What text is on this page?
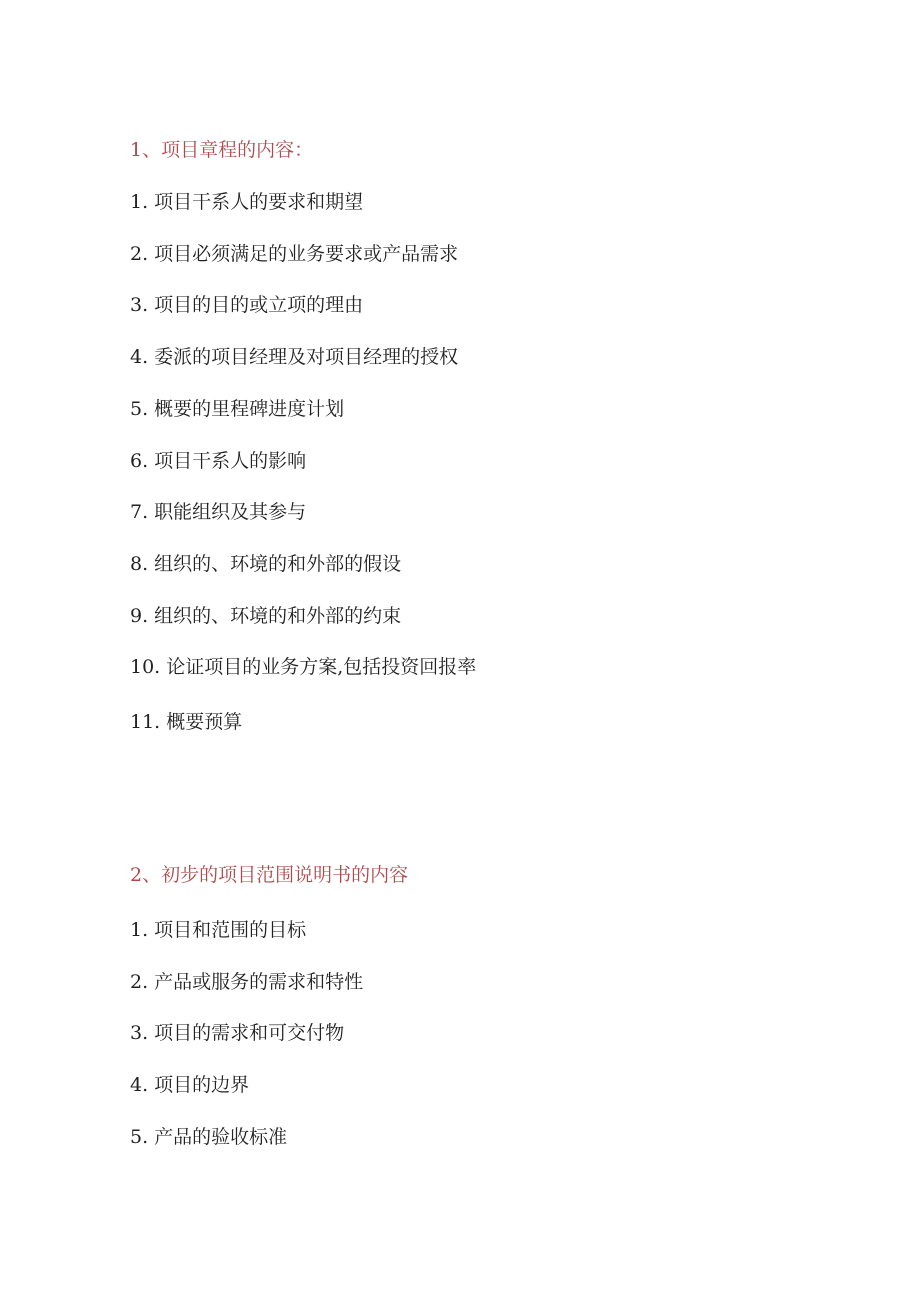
1、项目章程的内容：
1. 项目干系人的要求和期望
2. 项目必须满足的业务要求或产品需求
3. 项目的目的或立项的理由
4. 委派的项目经理及对项目经理的授权
5. 概要的里程碑进度计划
6. 项目干系人的影响
7. 职能组织及其参与
8. 组织的、环境的和外部的假设
9. 组织的、环境的和外部的约束
10. 论证项目的业务方案,包括投资回报率
11. 概要预算
2、初步的项目范围说明书的内容
1. 项目和范围的目标
2. 产品或服务的需求和特性
3. 项目的需求和可交付物
4. 项目的边界
5. 产品的验收标准
